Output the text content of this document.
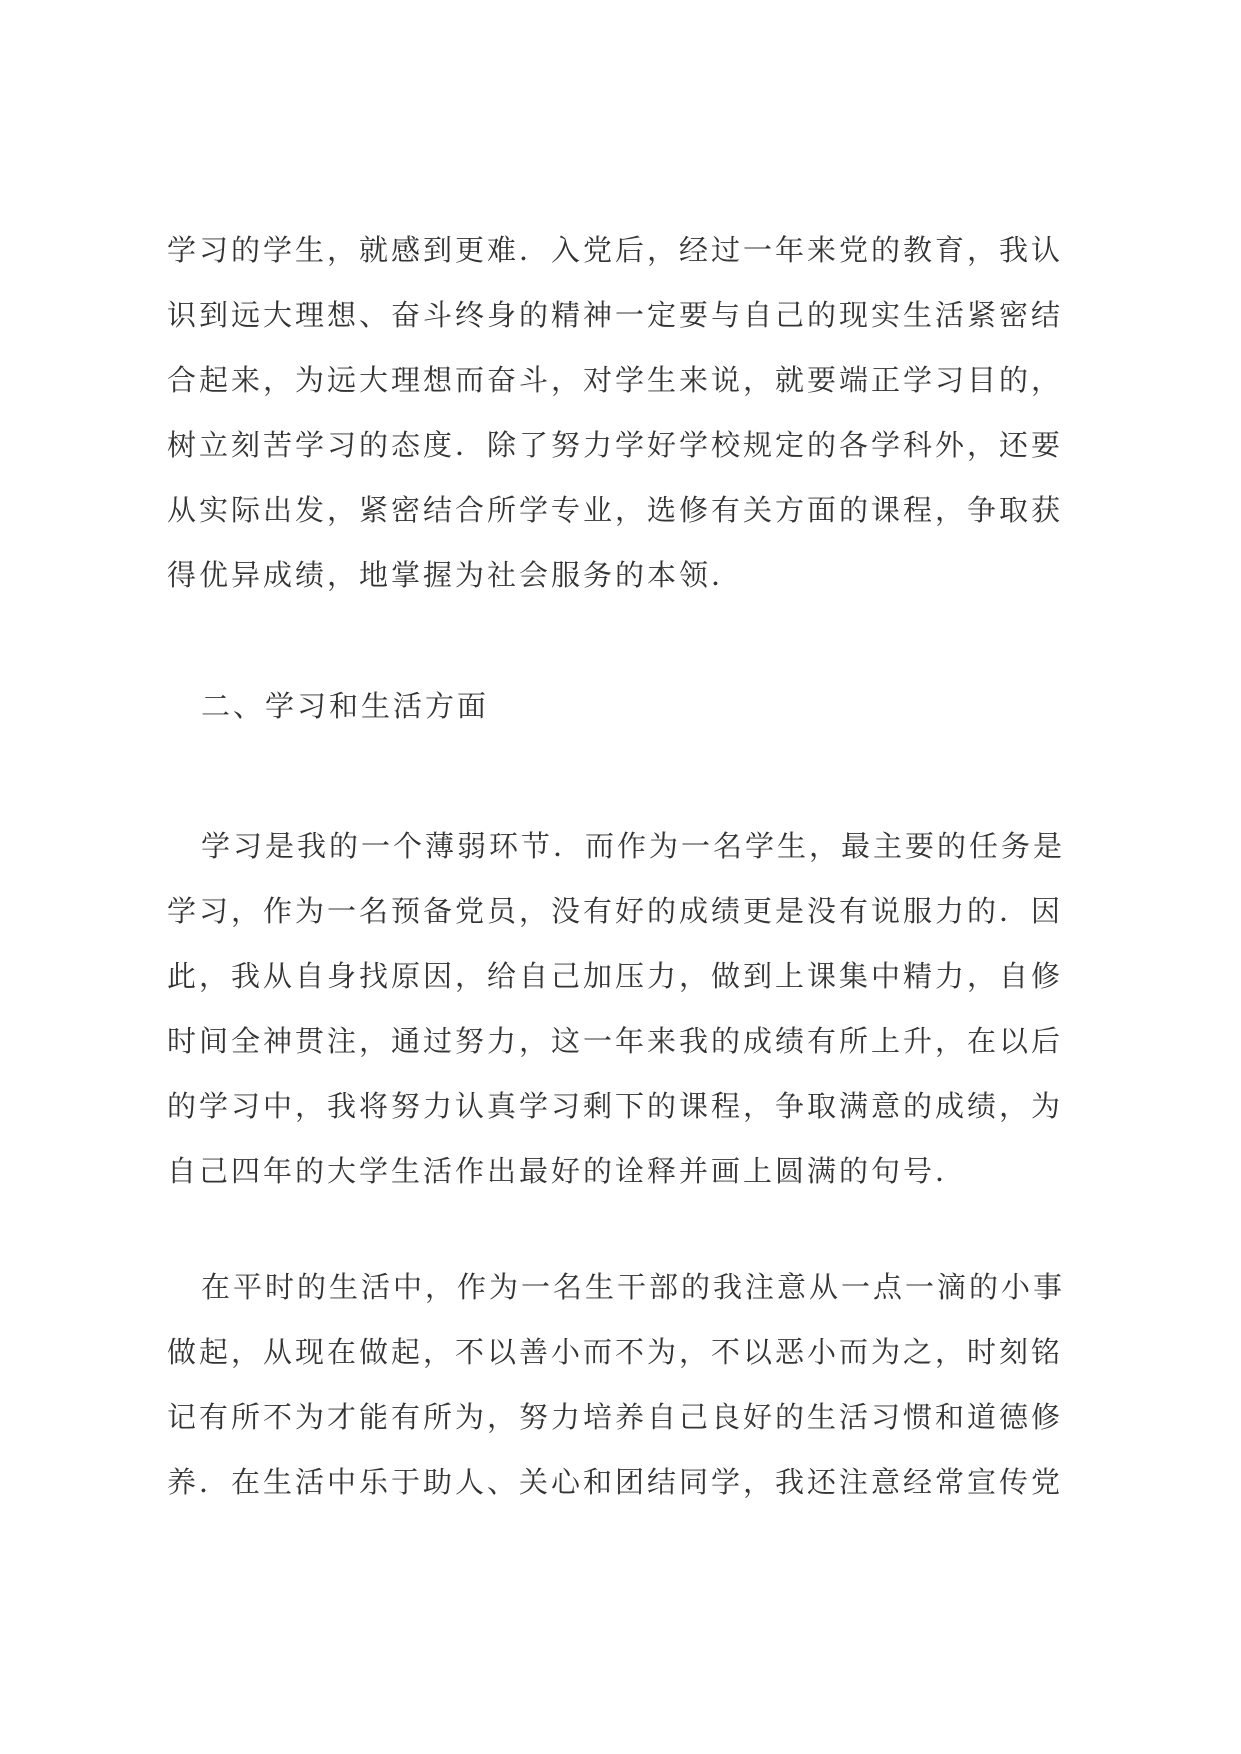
学习的学生，就感到更难．入党后，经过一年来党的教育，我认
识到远大理想、奋斗终身的精神一定要与自己的现实生活紧密结
合起来，为远大理想而奋斗，对学生来说，就要端正学习目的，
树立刻苦学习的态度．除了努力学好学校规定的各学科外，还要
从实际出发，紧密结合所学专业，选修有关方面的课程，争取获
得优异成绩，地掌握为社会服务的本领．
二、学习和生活方面
学习是我的一个薄弱环节．而作为一名学生，最主要的任务是
学习，作为一名预备党员，没有好的成绩更是没有说服力的．因
此，我从自身找原因，给自己加压力，做到上课集中精力，自修
时间全神贯注，通过努力，这一年来我的成绩有所上升，在以后
的学习中，我将努力认真学习剩下的课程，争取满意的成绩，为
自己四年的大学生活作出最好的诠释并画上圆满的句号．
在平时的生活中，作为一名生干部的我注意从一点一滴的小事
做起，从现在做起，不以善小而不为，不以恶小而为之，时刻铭
记有所不为才能有所为，努力培养自己良好的生活习惯和道德修
养．在生活中乐于助人、关心和团结同学，我还注意经常宣传党
